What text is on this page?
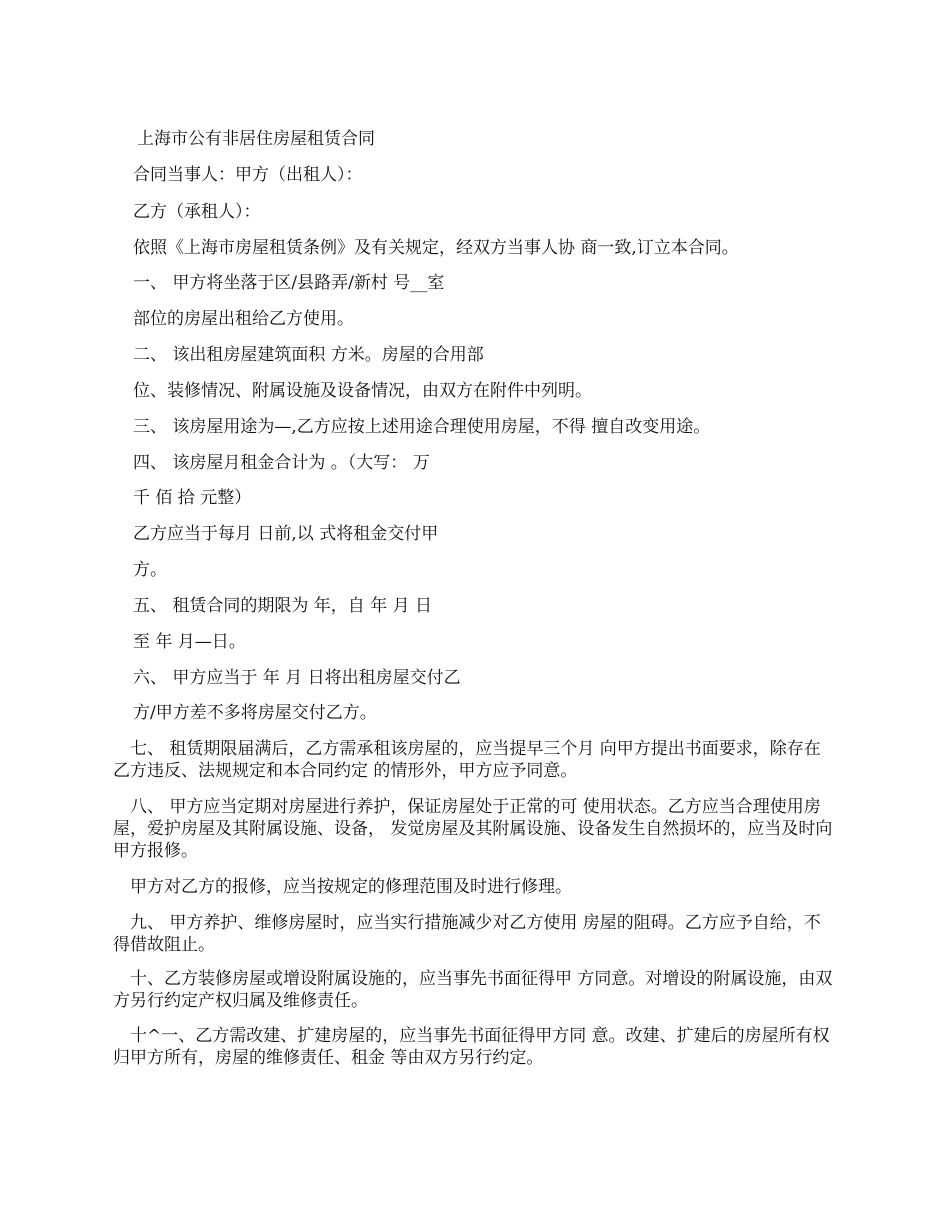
上海市公有非居住房屋租赁合同

合同当事人：甲方（出租人）：

乙方（承租人）：

依照《上海市房屋租赁条例》及有关规定，经双方当事人协 商一致,订立本合同。

一、 甲方将坐落于区/县路弄/新村 号__室

部位的房屋出租给乙方使用。

二、 该出租房屋建筑面积 方米。房屋的合用部

位、装修情况、附属设施及设备情况，由双方在附件中列明。

三、 该房屋用途为—,乙方应按上述用途合理使用房屋，不得 擅自改变用途。

四、 该房屋月租金合计为 。（大写： 万

千 佰 拾 元整）

乙方应当于每月 日前,以 式将租金交付甲

方。

五、 租赁合同的期限为 年，自 年 月 日

至 年 月—日。

六、 甲方应当于 年 月 日将出租房屋交付乙

方/甲方差不多将房屋交付乙方。

七、 租赁期限届满后，乙方需承租该房屋的，应当提早三个月 向甲方提出书面要求，除存在乙方违反、法规规定和本合同约定 的情形外，甲方应予同意。

八、 甲方应当定期对房屋进行养护，保证房屋处于正常的可 使用状态。乙方应当合理使用房屋，爱护房屋及其附属设施、设备， 发觉房屋及其附属设施、设备发生自然损坏的，应当及时向甲方报修。

甲方对乙方的报修，应当按规定的修理范围及时进行修理。

九、 甲方养护、维修房屋时，应当实行措施减少对乙方使用 房屋的阻碍。乙方应予自给，不得借故阻止。

十、乙方装修房屋或增设附属设施的，应当事先书面征得甲 方同意。对增设的附属设施，由双方另行约定产权归属及维修责任。

十^一、乙方需改建、扩建房屋的，应当事先书面征得甲方同 意。改建、扩建后的房屋所有权归甲方所有，房屋的维修责任、租金 等由双方另行约定。
